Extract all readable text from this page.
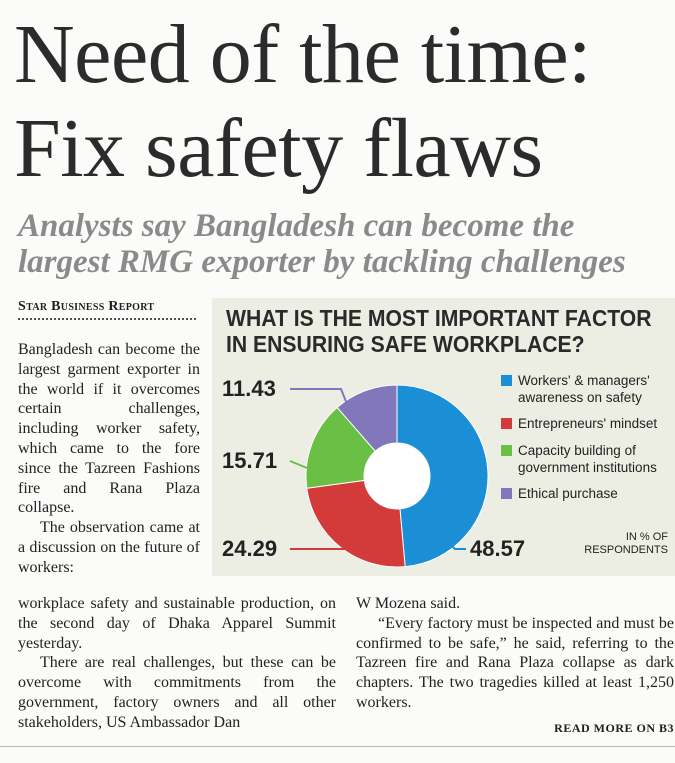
Need of the time:
Fix safety flaws
Analysts say Bangladesh can become the
largest RMG exporter by tackling challenges
Star Business Report

Bangladesh can become the largest garment exporter in the world if it overcomes certain challenges, including worker safety, which came to the fore since the Tazreen Fashions fire and Rana Plaza collapse.

The observation came at a discussion on the future of workers:

workplace safety and sustainable production, on the second day of Dhaka Apparel Summit yesterday.

There are real challenges, but these can be overcome with commitments from the government, factory owners and all other stakeholders, US Ambassador Dan

W Mozena said.

“Every factory must be inspected and must be confirmed to be safe,” he said, referring to the Tazreen fire and Rana Plaza collapse as dark chapters. The two tragedies killed at least 1,250 workers.

READ MORE ON B3
WHAT IS THE MOST IMPORTANT FACTOR
IN ENSURING SAFE WORKPLACE?
48.57
24.29
15.71
11.43	Workers' & managers'
awareness on safety
Entrepreneurs' mindset
Capacity building of
government institutions
Ethical purchase
IN % OF
RESPONDENTS
